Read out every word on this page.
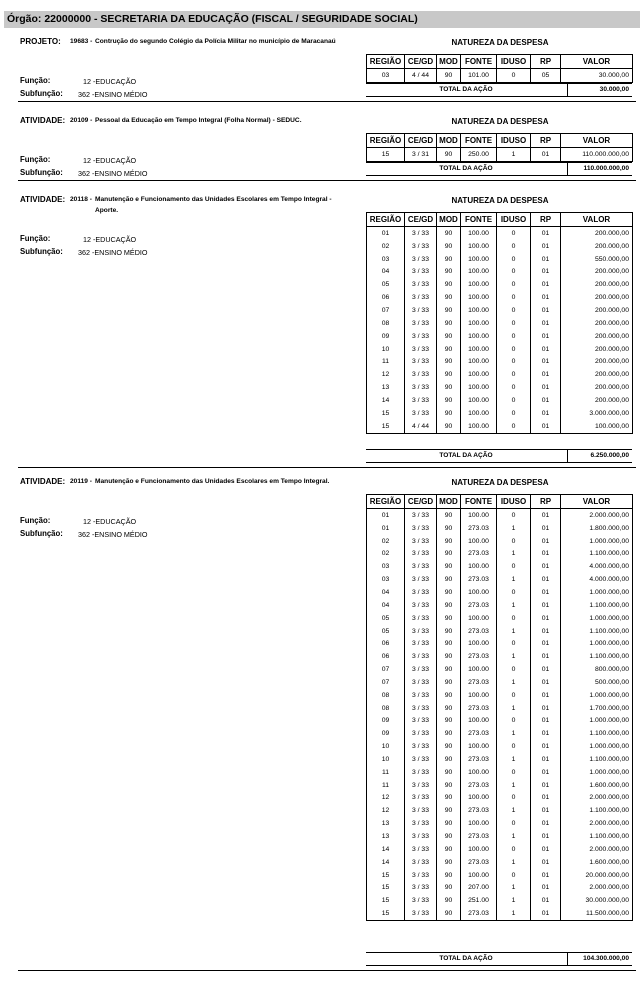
Órgão: 22000000 - SECRETARIA DA EDUCAÇÃO (FISCAL / SEGURIDADE SOCIAL)
PROJETO: 19683 - Contrução do segundo Colégio da Polícia Militar no município de Maracanaú
Função:	12 -EDUCAÇÃO
Subfunção: 362 -ENSINO MÉDIO
NATUREZA DA DESPESA
REGIÃO	CE/GD	MOD	FONTE	IDUSO	RP	VALOR
03	4 / 44	90	101.00	0	05	30.000,00
TOTAL DA AÇÃO	30.000,00
ATIVIDADE: 20109 - Pessoal da Educação em Tempo Integral (Folha Normal) - SEDUC.
Função:	12 -EDUCAÇÃO
Subfunção: 362 -ENSINO MÉDIO
NATUREZA DA DESPESA
REGIÃO	CE/GD	MOD	FONTE	IDUSO	RP	VALOR
15	3 / 31	90	250.00	1	01	110.000.000,00
TOTAL DA AÇÃO	110.000.000,00
ATIVIDADE: 20118 - Manutenção e Funcionamento das Unidades Escolares em Tempo Integral - Aporte.
Função:	12 -EDUCAÇÃO
Subfunção: 362 -ENSINO MÉDIO
NATUREZA DA DESPESA
REGIÃO	CE/GD	MOD	FONTE	IDUSO	RP	VALOR
01	3 / 33	90	100.00	0	01	200.000,00
02	3 / 33	90	100.00	0	01	200.000,00
03	3 / 33	90	100.00	0	01	550.000,00
04	3 / 33	90	100.00	0	01	200.000,00
05	3 / 33	90	100.00	0	01	200.000,00
06	3 / 33	90	100.00	0	01	200.000,00
07	3 / 33	90	100.00	0	01	200.000,00
08	3 / 33	90	100.00	0	01	200.000,00
09	3 / 33	90	100.00	0	01	200.000,00
10	3 / 33	90	100.00	0	01	200.000,00
11	3 / 33	90	100.00	0	01	200.000,00
12	3 / 33	90	100.00	0	01	200.000,00
13	3 / 33	90	100.00	0	01	200.000,00
14	3 / 33	90	100.00	0	01	200.000,00
15	3 / 33	90	100.00	0	01	3.000.000,00
15	4 / 44	90	100.00	0	01	100.000,00
TOTAL DA AÇÃO	6.250.000,00
ATIVIDADE: 20119 - Manutenção e Funcionamento das Unidades Escolares em Tempo Integral.
Função:	12 -EDUCAÇÃO
Subfunção: 362 -ENSINO MÉDIO
NATUREZA DA DESPESA
REGIÃO	CE/GD	MOD	FONTE	IDUSO	RP	VALOR
01	3 / 33	90	100.00	0	01	2.000.000,00
01	3 / 33	90	273.03	1	01	1.800.000,00
02	3 / 33	90	100.00	0	01	1.000.000,00
02	3 / 33	90	273.03	1	01	1.100.000,00
03	3 / 33	90	100.00	0	01	4.000.000,00
03	3 / 33	90	273.03	1	01	4.000.000,00
04	3 / 33	90	100.00	0	01	1.000.000,00
04	3 / 33	90	273.03	1	01	1.100.000,00
05	3 / 33	90	100.00	0	01	1.000.000,00
05	3 / 33	90	273.03	1	01	1.100.000,00
06	3 / 33	90	100.00	0	01	1.000.000,00
06	3 / 33	90	273.03	1	01	1.100.000,00
07	3 / 33	90	100.00	0	01	800.000,00
07	3 / 33	90	273.03	1	01	500.000,00
08	3 / 33	90	100.00	0	01	1.000.000,00
08	3 / 33	90	273.03	1	01	1.700.000,00
09	3 / 33	90	100.00	0	01	1.000.000,00
09	3 / 33	90	273.03	1	01	1.100.000,00
10	3 / 33	90	100.00	0	01	1.000.000,00
10	3 / 33	90	273.03	1	01	1.100.000,00
11	3 / 33	90	100.00	0	01	1.000.000,00
11	3 / 33	90	273.03	1	01	1.600.000,00
12	3 / 33	90	100.00	0	01	2.000.000,00
12	3 / 33	90	273.03	1	01	1.100.000,00
13	3 / 33	90	100.00	0	01	2.000.000,00
13	3 / 33	90	273.03	1	01	1.100.000,00
14	3 / 33	90	100.00	0	01	2.000.000,00
14	3 / 33	90	273.03	1	01	1.600.000,00
15	3 / 33	90	100.00	0	01	20.000.000,00
15	3 / 33	90	207.00	1	01	2.000.000,00
15	3 / 33	90	251.00	1	01	30.000.000,00
15	3 / 33	90	273.03	1	01	11.500.000,00
TOTAL DA AÇÃO	104.300.000,00
